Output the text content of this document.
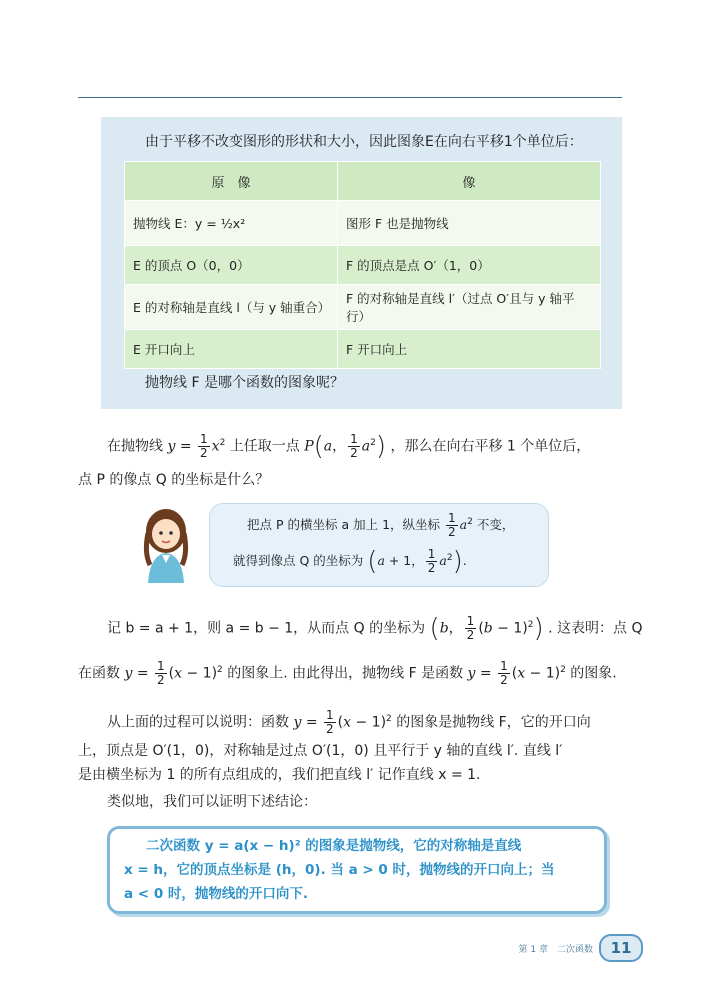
由于平移不改变图形的形状和大小，因此图象E在向右平移1个单位后：
原　像	像
抛物线 E：y = ½x²	图形 F 也是抛物线
E 的顶点 O（0，0）	F 的顶点是点 O′（1，0）
E 的对称轴是直线 l（与 y 轴重合）	F 的对称轴是直线 l′（过点 O′且与 y 轴平行）
E 开口向上	F 开口向上
抛物线 F 是哪个函数的图象呢？
在抛物线 $y = \frac{1}{2} x^2$ 上任取一点 P(a， $\frac{1}{2} a^2$) ，那么在向右平移 1 个单位后，
点 P 的像点 Q 的坐标是什么？
把点 P 的横坐标 a 加上 1，纵坐标 $\frac{1}{2} a^2$ 不变，
就得到像点 Q 的坐标为 (a + 1， $\frac{1}{2} a^2$).
记 b = a + 1，则 a = b − 1，从而点 Q 的坐标为 (b， $\frac{1}{2} (b - 1)^2$) . 这表明：点 Q
在函数 $y = \frac{1}{2} (x - 1)^2$ 的图象上. 由此得出，抛物线 F 是函数 $y = \frac{1}{2} (x - 1)^2$ 的图象.
从上面的过程可以说明：函数 $y = \frac{1}{2} (x - 1)^2$ 的图象是抛物线 F，它的开口向
上，顶点是 O′(1，0)，对称轴是过点 O′(1，0) 且平行于 y 轴的直线 l′. 直线 l′
是由横坐标为 1 的所有点组成的，我们把直线 l′ 记作直线 x = 1.
类似地，我们可以证明下述结论：
二次函数 y = a(x − h)² 的图象是抛物线，它的对称轴是直线
x = h，它的顶点坐标是 (h，0). 当 a > 0 时，抛物线的开口向上；当
a < 0 时，抛物线的开口向下.
第 1 章　二次函数	11
